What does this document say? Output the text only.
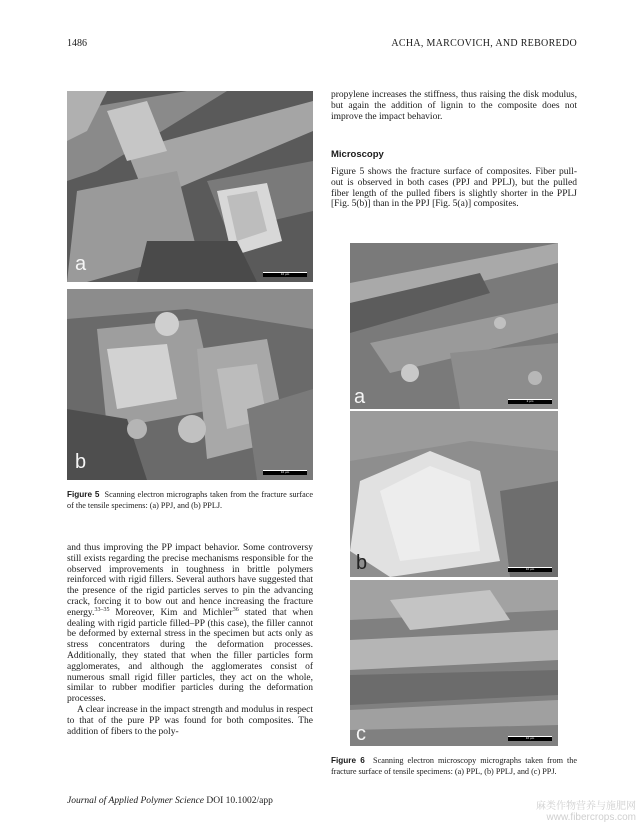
1486	ACHA, MARCOVICH, AND REBOREDO
a	10 µm
b	10 µm
Figure 5 Scanning electron micrographs taken from the fracture surface of the tensile specimens: (a) PPJ, and (b) PPLJ.

and thus improving the PP impact behavior. Some controversy still exists regarding the precise mechanisms responsible for the observed improvements in toughness in brittle polymers reinforced with rigid fillers. Several authors have suggested that the presence of the rigid particles serves to pin the advancing crack, forcing it to bow out and hence increasing the fracture energy.$^{33-35}$ Moreover, Kim and Michler$^{36}$ stated that when dealing with rigid particle filled–PP (this case), the filler cannot be deformed by external stress in the specimen but acts only as stress concentrators during the deformation processes. Additionally, they stated that when the filler particles form agglomerates, and although the agglomerates consist of numerous small rigid filler particles, they act on the whole, similar to rubber modifier particles during the deformation processes.

A clear increase in the impact strength and modulus in respect to that of the pure PP was found for both composites. The addition of fibers to the poly-

propylene increases the stiffness, thus raising the disk modulus, but again the addition of lignin to the composite does not improve the impact behavior.
Microscopy
Figure 5 shows the fracture surface of composites. Fiber pull-out is observed in both cases (PPJ and PPLJ), but the pulled fiber length of the pulled fibers is slightly shorter in the PPLJ [Fig. 5(b)] than in the PPJ [Fig. 5(a)] composites.
a	2 µm
b	10 µm
c	10 µm
Figure 6 Scanning electron microscopy micrographs taken from the fracture surface of tensile specimens: (a) PPL, (b) PPLJ, and (c) PPJ.
Journal of Applied Polymer Science DOI 10.1002/app	麻类作物营养与施肥网
www.fibercrops.com
